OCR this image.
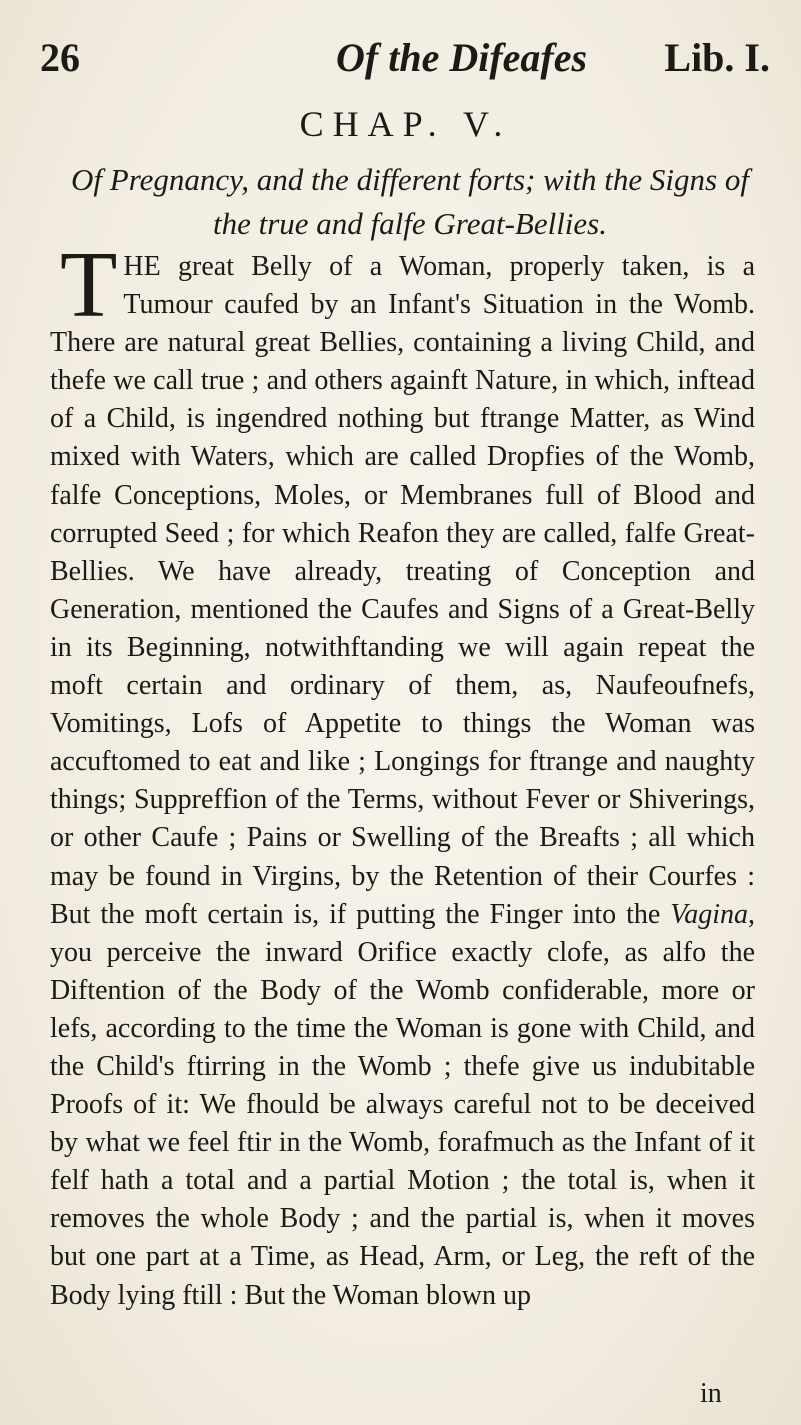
26	Of the Difeafes Lib. I.
CHAP. V.
Of Pregnancy, and the different forts; with the Signs of the true and falfe Great-Bellies.
THE great Belly of a Woman, properly taken, is a Tumour caufed by an Infant's Situation in the Womb. There are natural great Bellies, containing a living Child, and thefe we call true ; and others againft Nature, in which, inftead of a Child, is ingendred nothing but ftrange Matter, as Wind mixed with Waters, which are called Dropfies of the Womb, falfe Conceptions, Moles, or Membranes full of Blood and corrupted Seed ; for which Reafon they are called, falfe Great-Bellies. We have already, treating of Conception and Generation, mentioned the Caufes and Signs of a Great-Belly in its Beginning, notwithftanding we will again repeat the moft certain and ordinary of them, as, Naufeoufnefs, Vomitings, Lofs of Appetite to things the Woman was accuftomed to eat and like ; Longings for ftrange and naughty things; Suppreffion of the Terms, without Fever or Shiverings, or other Caufe ; Pains or Swelling of the Breafts ; all which may be found in Virgins, by the Retention of their Courfes : But the moft certain is, if putting the Finger into the Vagina, you perceive the inward Orifice exactly clofe, as alfo the Diftention of the Body of the Womb confiderable, more or lefs, according to the time the Woman is gone with Child, and the Child's ftirring in the Womb ; thefe give us indubitable Proofs of it: We fhould be always careful not to be deceived by what we feel ftir in the Womb, forafmuch as the Infant of it felf hath a total and a partial Motion ; the total is, when it removes the whole Body ; and the partial is, when it moves but one part at a Time, as Head, Arm, or Leg, the reft of the Body lying ftill : But the Woman blown up
in
